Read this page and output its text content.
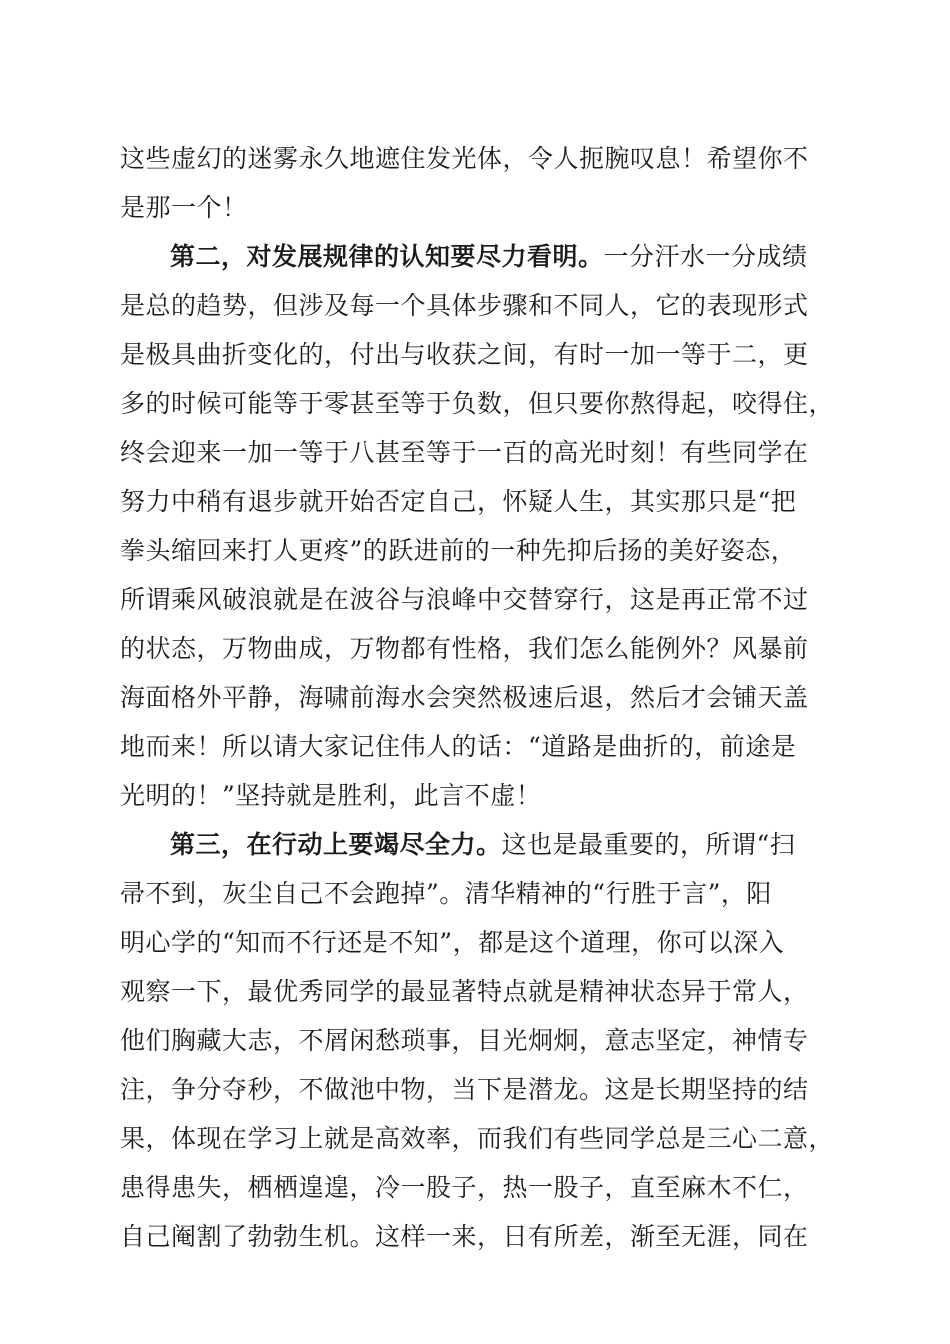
这些虚幻的迷雾永久地遮住发光体，令人扼腕叹息！希望你不
是那一个！
第二，对发展规律的认知要尽力看明。一分汗水一分成绩
是总的趋势，但涉及每一个具体步骤和不同人，它的表现形式
是极具曲折变化的，付出与收获之间，有时一加一等于二，更
多的时候可能等于零甚至等于负数，但只要你熬得起，咬得住，
终会迎来一加一等于八甚至等于一百的高光时刻！有些同学在
努力中稍有退步就开始否定自己，怀疑人生，其实那只是“把
拳头缩回来打人更疼”的跃进前的一种先抑后扬的美好姿态，
所谓乘风破浪就是在波谷与浪峰中交替穿行，这是再正常不过
的状态，万物曲成，万物都有性格，我们怎么能例外？风暴前
海面格外平静，海啸前海水会突然极速后退，然后才会铺天盖
地而来！所以请大家记住伟人的话：“道路是曲折的，前途是
光明的！”坚持就是胜利，此言不虚！
第三，在行动上要竭尽全力。这也是最重要的，所谓“扫
帚不到，灰尘自己不会跑掉”。清华精神的“行胜于言”，阳
明心学的“知而不行还是不知”，都是这个道理，你可以深入
观察一下，最优秀同学的最显著特点就是精神状态异于常人，
他们胸藏大志，不屑闲愁琐事，目光炯炯，意志坚定，神情专
注，争分夺秒，不做池中物，当下是潜龙。这是长期坚持的结
果，体现在学习上就是高效率，而我们有些同学总是三心二意，
患得患失，栖栖遑遑，冷一股子，热一股子，直至麻木不仁，
自己阉割了勃勃生机。这样一来，日有所差，渐至无涯，同在
